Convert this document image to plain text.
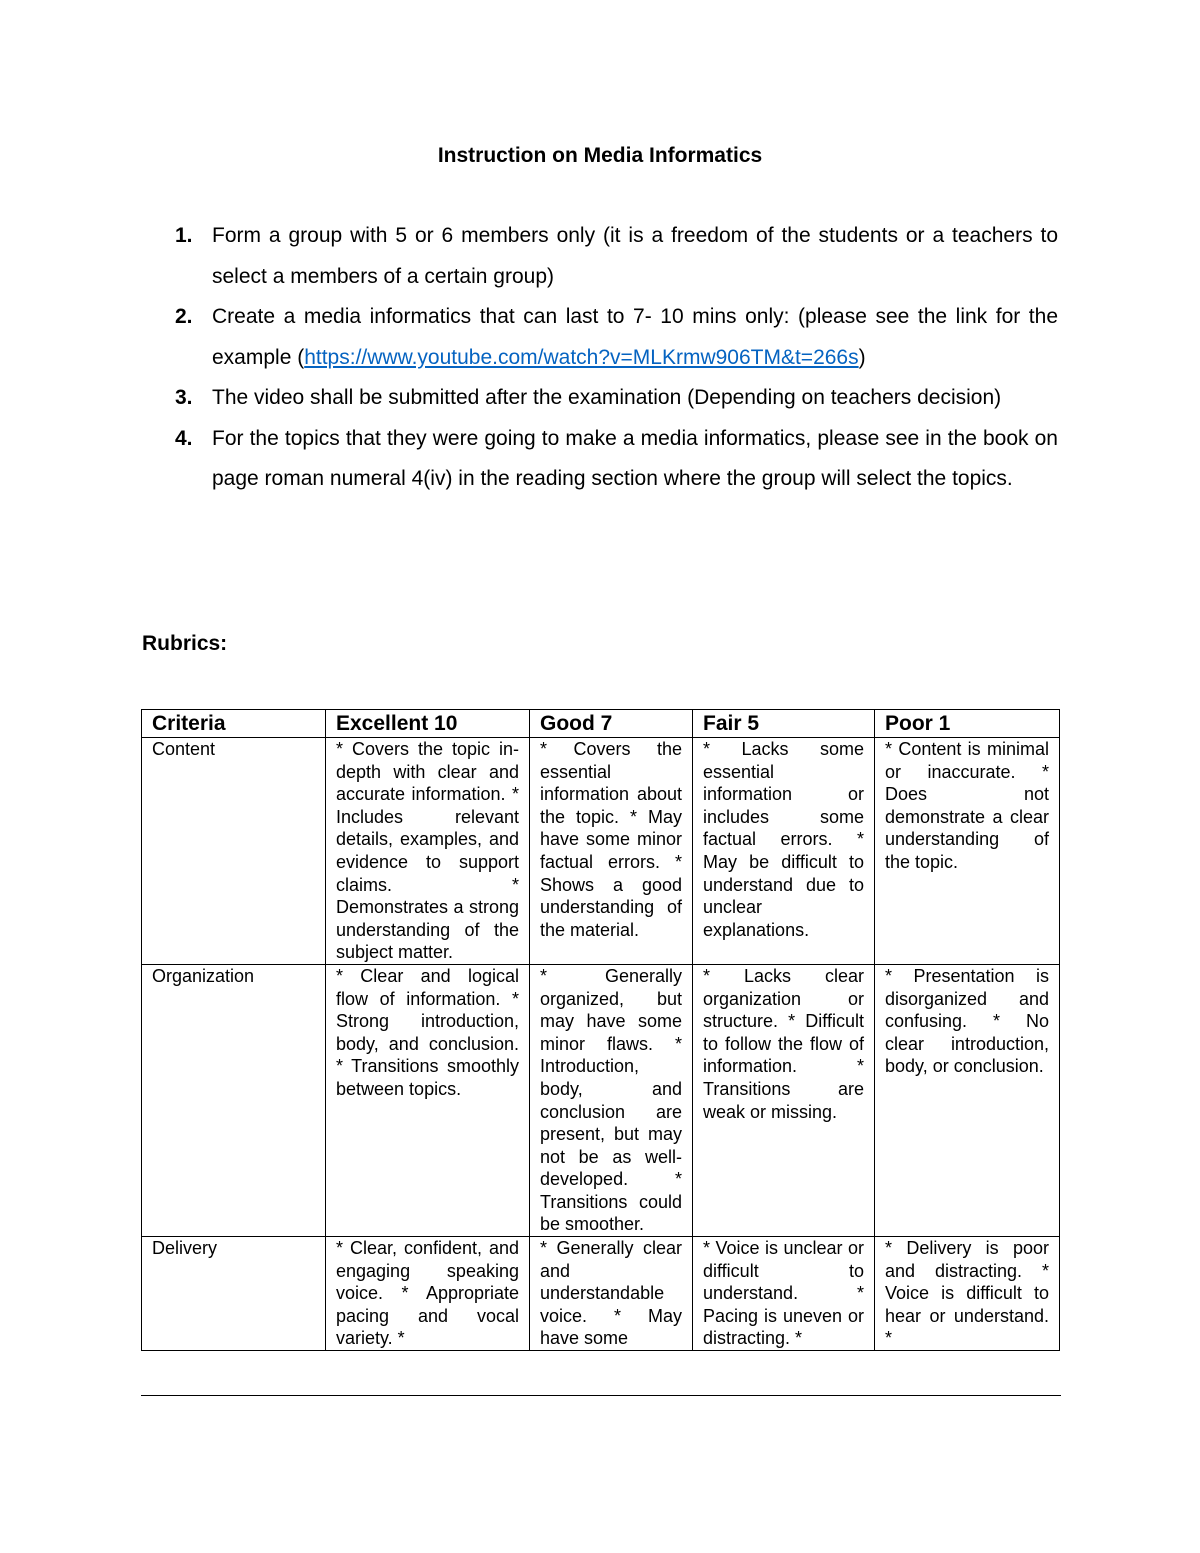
Instruction on Media Informatics
1. Form a group with 5 or 6 members only (it is a freedom of the students or a teachers to select a members of a certain group)
2. Create a media informatics that can last to 7- 10 mins only: (please see the link for the example (https://www.youtube.com/watch?v=MLKrmw906TM&t=266s)
3. The video shall be submitted after the examination (Depending on teachers decision)
4. For the topics that they were going to make a media informatics, please see in the book on page roman numeral 4(iv) in the reading section where the group will select the topics.
Rubrics:
Criteria	Excellent 10	Good 7	Fair 5	Poor 1
Content	* Covers the topic in-depth with clear and accurate information. * Includes relevant details, examples, and evidence to support claims. * Demonstrates a strong understanding of the subject matter.	* Covers the essential information about the topic. * May have some minor factual errors. * Shows a good understanding of the material.	* Lacks some essential information or includes some factual errors. * May be difficult to understand due to unclear explanations.	* Content is minimal or inaccurate. * Does not demonstrate a clear understanding of the topic.
Organization	* Clear and logical flow of information. * Strong introduction, body, and conclusion. * Transitions smoothly between topics.	* Generally organized, but may have some minor flaws. * Introduction, body, and conclusion are present, but may not be as well-developed. * Transitions could be smoother.	* Lacks clear organization or structure. * Difficult to follow the flow of information. * Transitions are weak or missing.	* Presentation is disorganized and confusing. * No clear introduction, body, or conclusion.
Delivery	* Clear, confident, and engaging speaking voice. * Appropriate pacing and vocal variety. *	* Generally clear and understandable voice. * May have some	* Voice is unclear or difficult to understand. * Pacing is uneven or distracting. *	* Delivery is poor and distracting. * Voice is difficult to hear or understand. *
